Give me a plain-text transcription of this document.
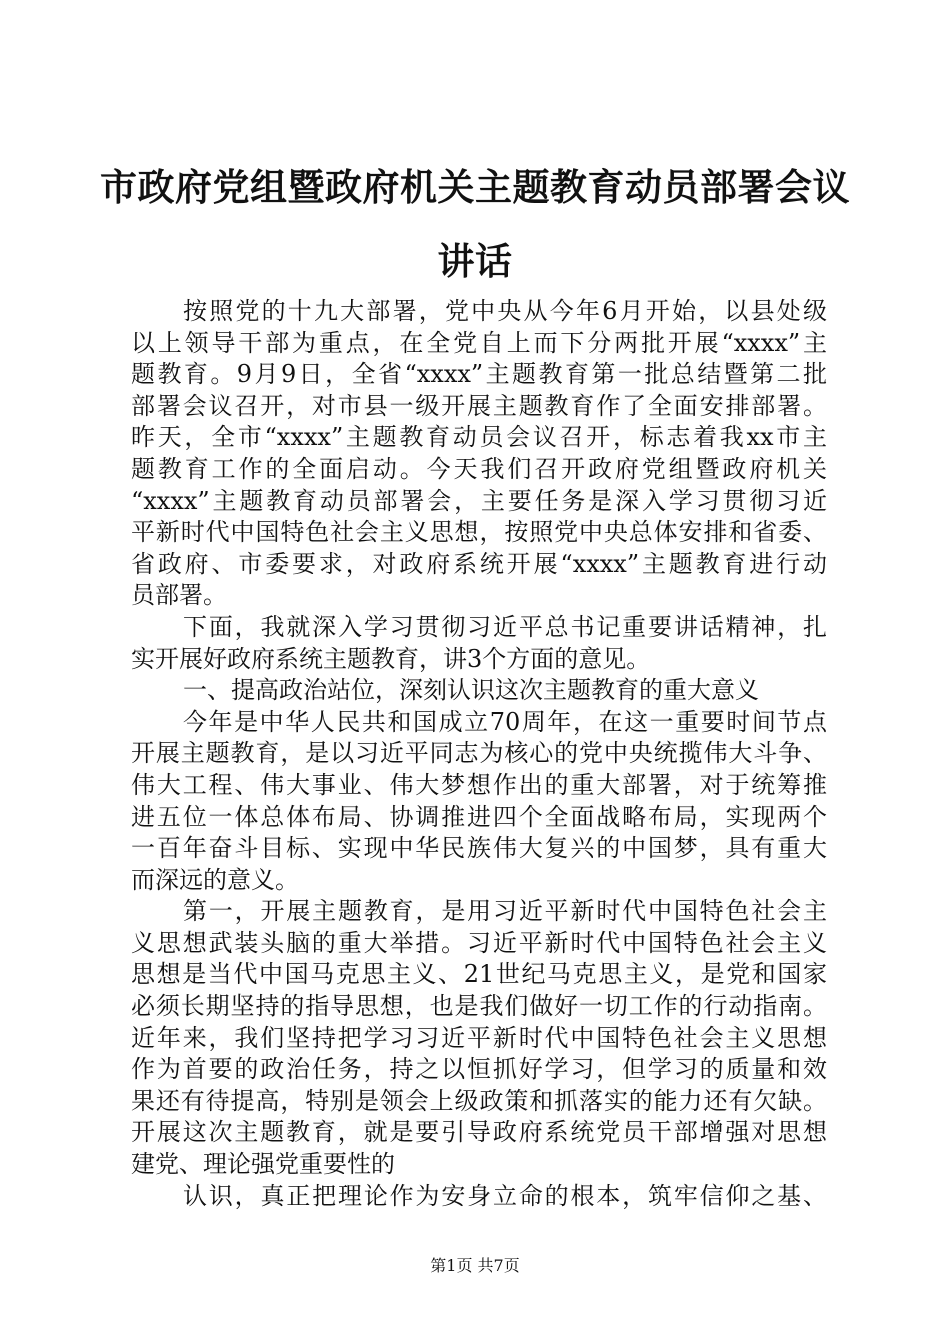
市政府党组暨政府机关主题教育动员部署会议
讲话
按照党的十九大部署，党中央从今年6月开始，以县处级
以上领导干部为重点，在全党自上而下分两批开展“xxxx”主
题教育。9月9日，全省“xxxx”主题教育第一批总结暨第二批
部署会议召开，对市县一级开展主题教育作了全面安排部署。
昨天，全市“xxxx”主题教育动员会议召开，标志着我xx市主
题教育工作的全面启动。今天我们召开政府党组暨政府机关
“xxxx”主题教育动员部署会，主要任务是深入学习贯彻习近
平新时代中国特色社会主义思想，按照党中央总体安排和省委、
省政府、市委要求，对政府系统开展“xxxx”主题教育进行动
员部署。
下面，我就深入学习贯彻习近平总书记重要讲话精神，扎
实开展好政府系统主题教育，讲3个方面的意见。
一、提高政治站位，深刻认识这次主题教育的重大意义
今年是中华人民共和国成立70周年，在这一重要时间节点
开展主题教育，是以习近平同志为核心的党中央统揽伟大斗争、
伟大工程、伟大事业、伟大梦想作出的重大部署，对于统筹推
进五位一体总体布局、协调推进四个全面战略布局，实现两个
一百年奋斗目标、实现中华民族伟大复兴的中国梦，具有重大
而深远的意义。
第一，开展主题教育，是用习近平新时代中国特色社会主
义思想武装头脑的重大举措。习近平新时代中国特色社会主义
思想是当代中国马克思主义、21世纪马克思主义，是党和国家
必须长期坚持的指导思想，也是我们做好一切工作的行动指南。
近年来，我们坚持把学习习近平新时代中国特色社会主义思想
作为首要的政治任务，持之以恒抓好学习，但学习的质量和效
果还有待提高，特别是领会上级政策和抓落实的能力还有欠缺。
开展这次主题教育，就是要引导政府系统党员干部增强对思想
建党、理论强党重要性的
认识，真正把理论作为安身立命的根本，筑牢信仰之基、
第1页 共7页
